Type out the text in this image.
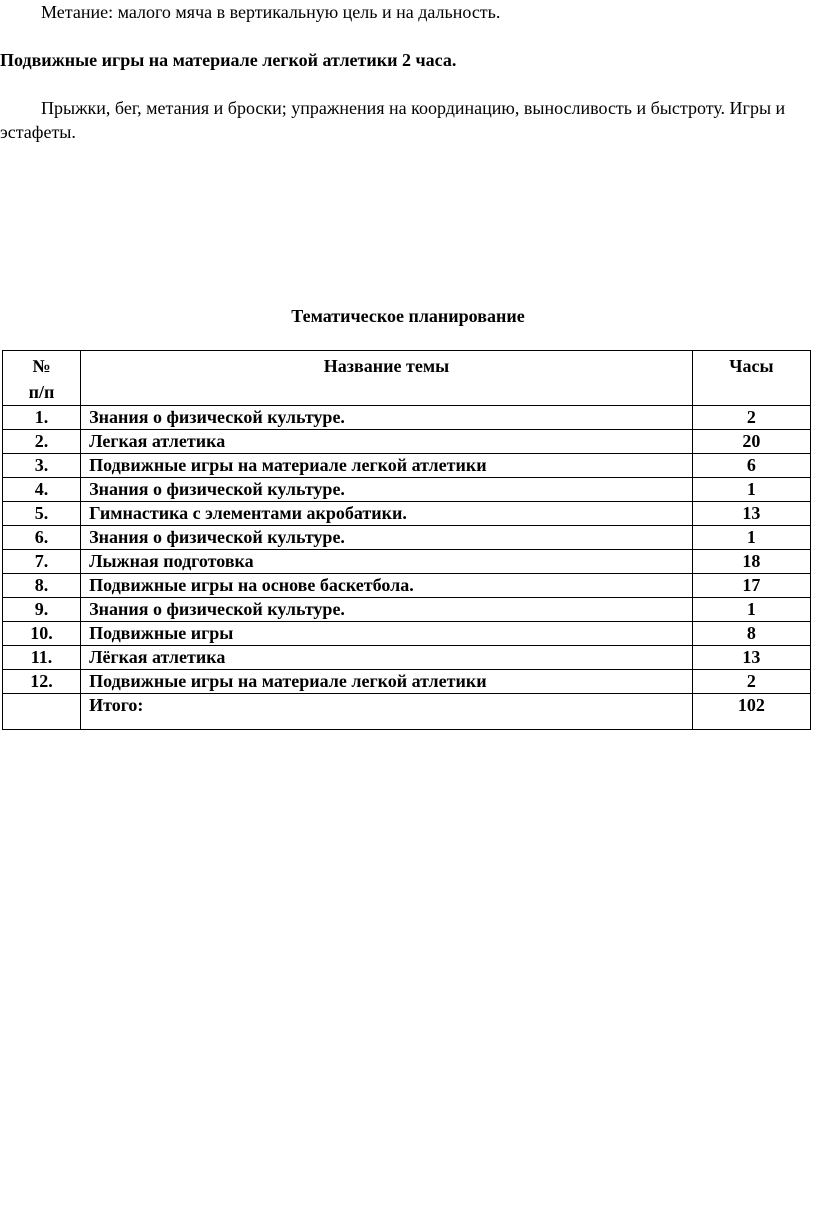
Метание: малого мяча в вертикальную цель и на дальность.
Подвижные игры на материале легкой атлетики 2 часа.
Прыжки, бег, метания и броски; упражнения на координацию, выносливость и быстроту. Игры и эстафеты.
Тематическое планирование
№
п/п	Название темы	Часы
1.	Знания о физической культуре.	2
2.	Легкая атлетика	20
3.	Подвижные игры на материале легкой атлетики	6
4.	Знания о физической культуре.	1
5.	Гимнастика с элементами акробатики.	13
6.	Знания о физической культуре.	1
7.	Лыжная подготовка	18
8.	Подвижные игры на основе баскетбола.	17
9.	Знания о физической культуре.	1
10.	Подвижные игры	8
11.	Лёгкая атлетика	13
12.	Подвижные игры на материале легкой атлетики	2
	Итого:	102
